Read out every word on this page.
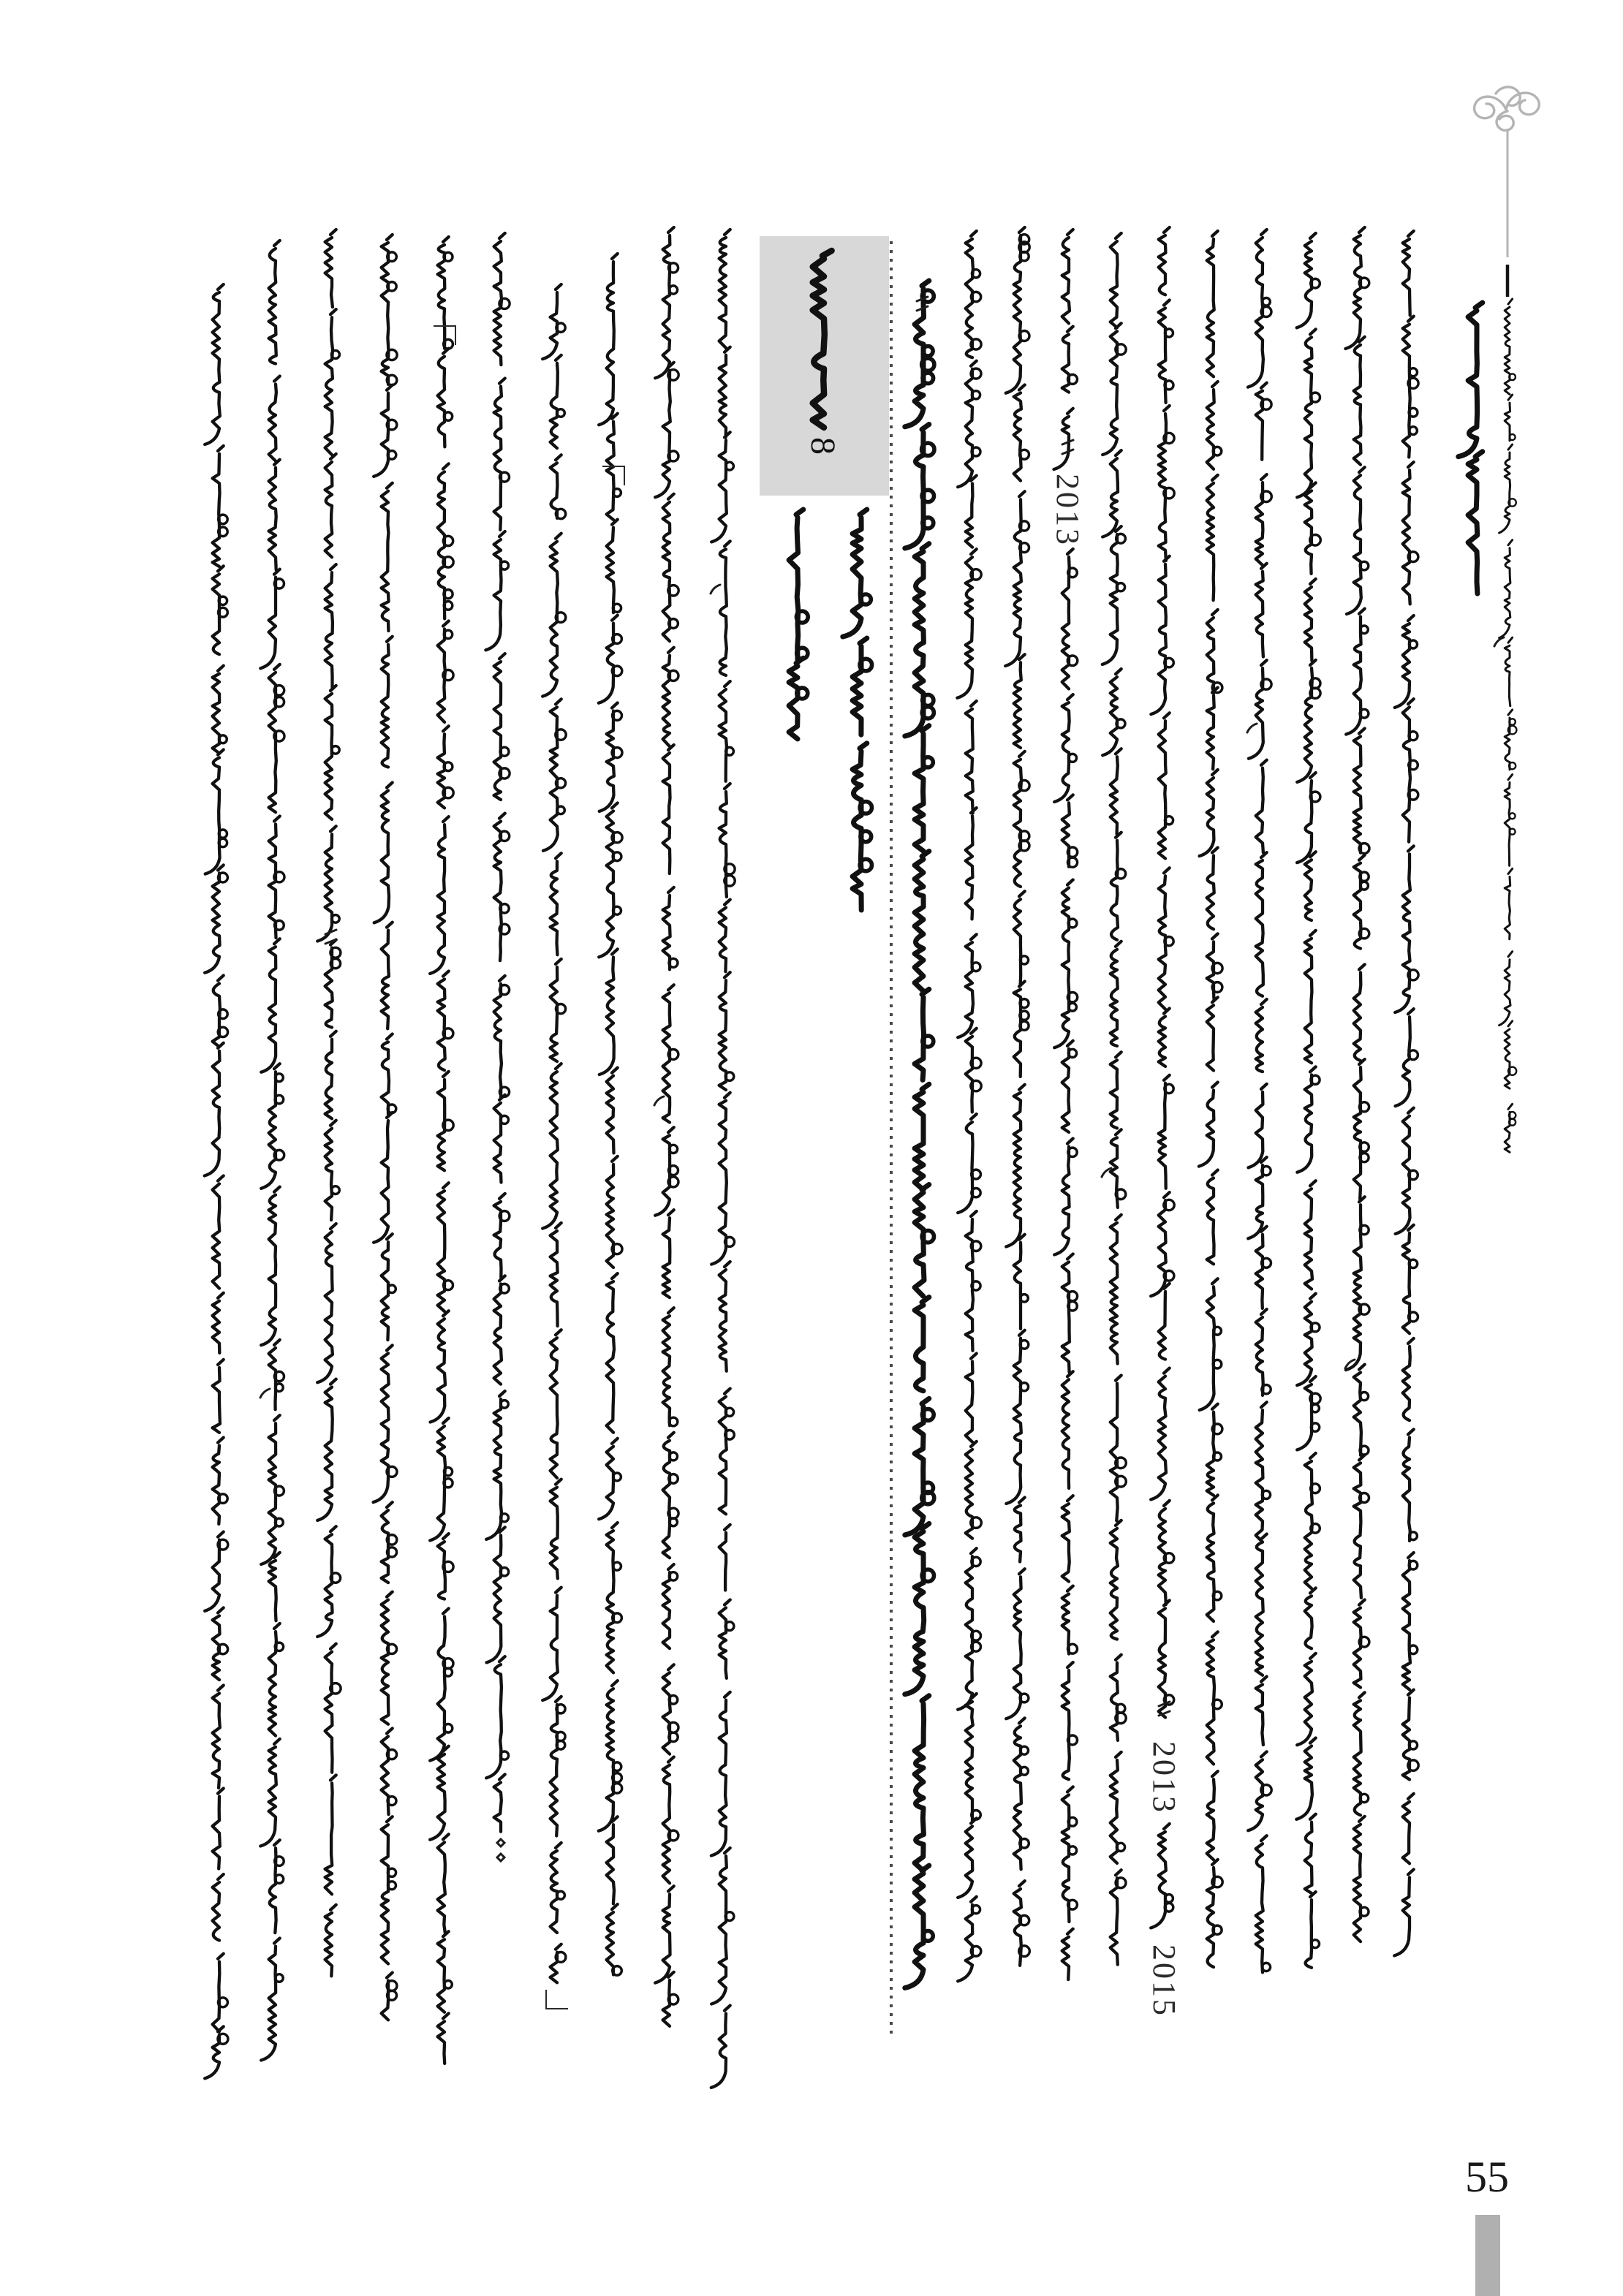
2013
2013
2015
8
55
